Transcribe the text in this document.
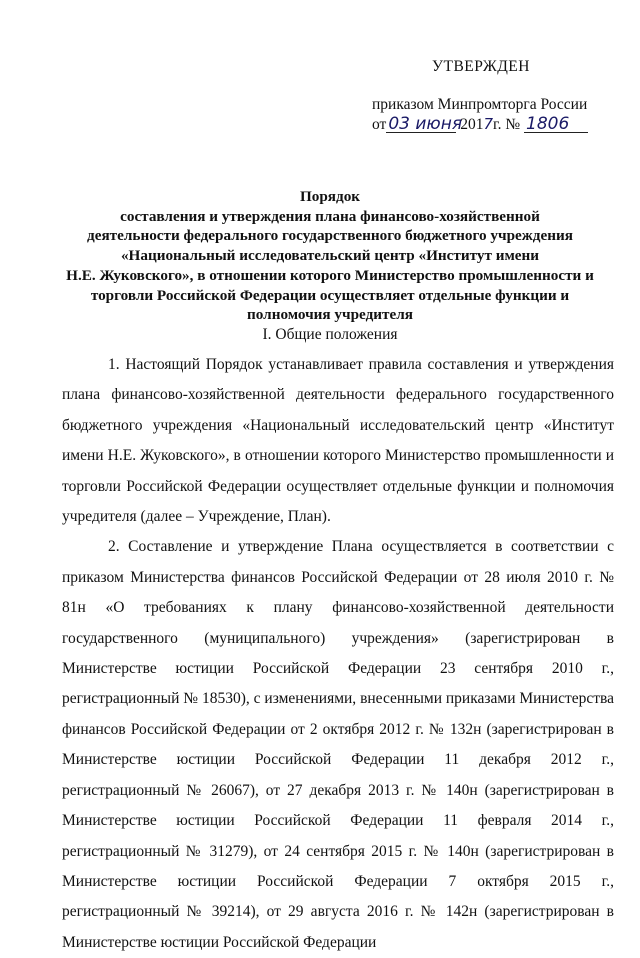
УТВЕРЖДЕН
приказом Минпромторга России
от 03 июня 2017г. № 1806
Порядок
составления и утверждения плана финансово-хозяйственной
деятельности федерального государственного бюджетного учреждения
«Национальный исследовательский центр «Институт имени
Н.Е. Жуковского», в отношении которого Министерство промышленности и
торговли Российской Федерации осуществляет отдельные функции и
полномочия учредителя
I. Общие положения

1. Настоящий Порядок устанавливает правила составления и утверждения плана финансово-хозяйственной деятельности федерального государственного бюджетного учреждения «Национальный исследовательский центр «Институт имени Н.Е. Жуковского», в отношении которого Министерство промышленности и торговли Российской Федерации осуществляет отдельные функции и полномочия учредителя (далее – Учреждение, План).

2. Составление и утверждение Плана осуществляется в соответствии с приказом Министерства финансов Российской Федерации от 28 июля 2010 г. № 81н «О требованиях к плану финансово-хозяйственной деятельности государственного (муниципального) учреждения» (зарегистрирован в Министерстве юстиции Российской Федерации 23 сентября 2010 г., регистрационный № 18530), с изменениями, внесенными приказами Министерства финансов Российской Федерации от 2 октября 2012 г. № 132н (зарегистрирован в Министерстве юстиции Российской Федерации 11 декабря 2012 г., регистрационный № 26067), от 27 декабря 2013 г. № 140н (зарегистрирован в Министерстве юстиции Российской Федерации 11 февраля 2014 г., регистрационный № 31279), от 24 сентября 2015 г. № 140н (зарегистрирован в Министерстве юстиции Российской Федерации 7 октября 2015 г., регистрационный № 39214), от 29 августа 2016 г. № 142н (зарегистрирован в Министерстве юстиции Российской Федерации
